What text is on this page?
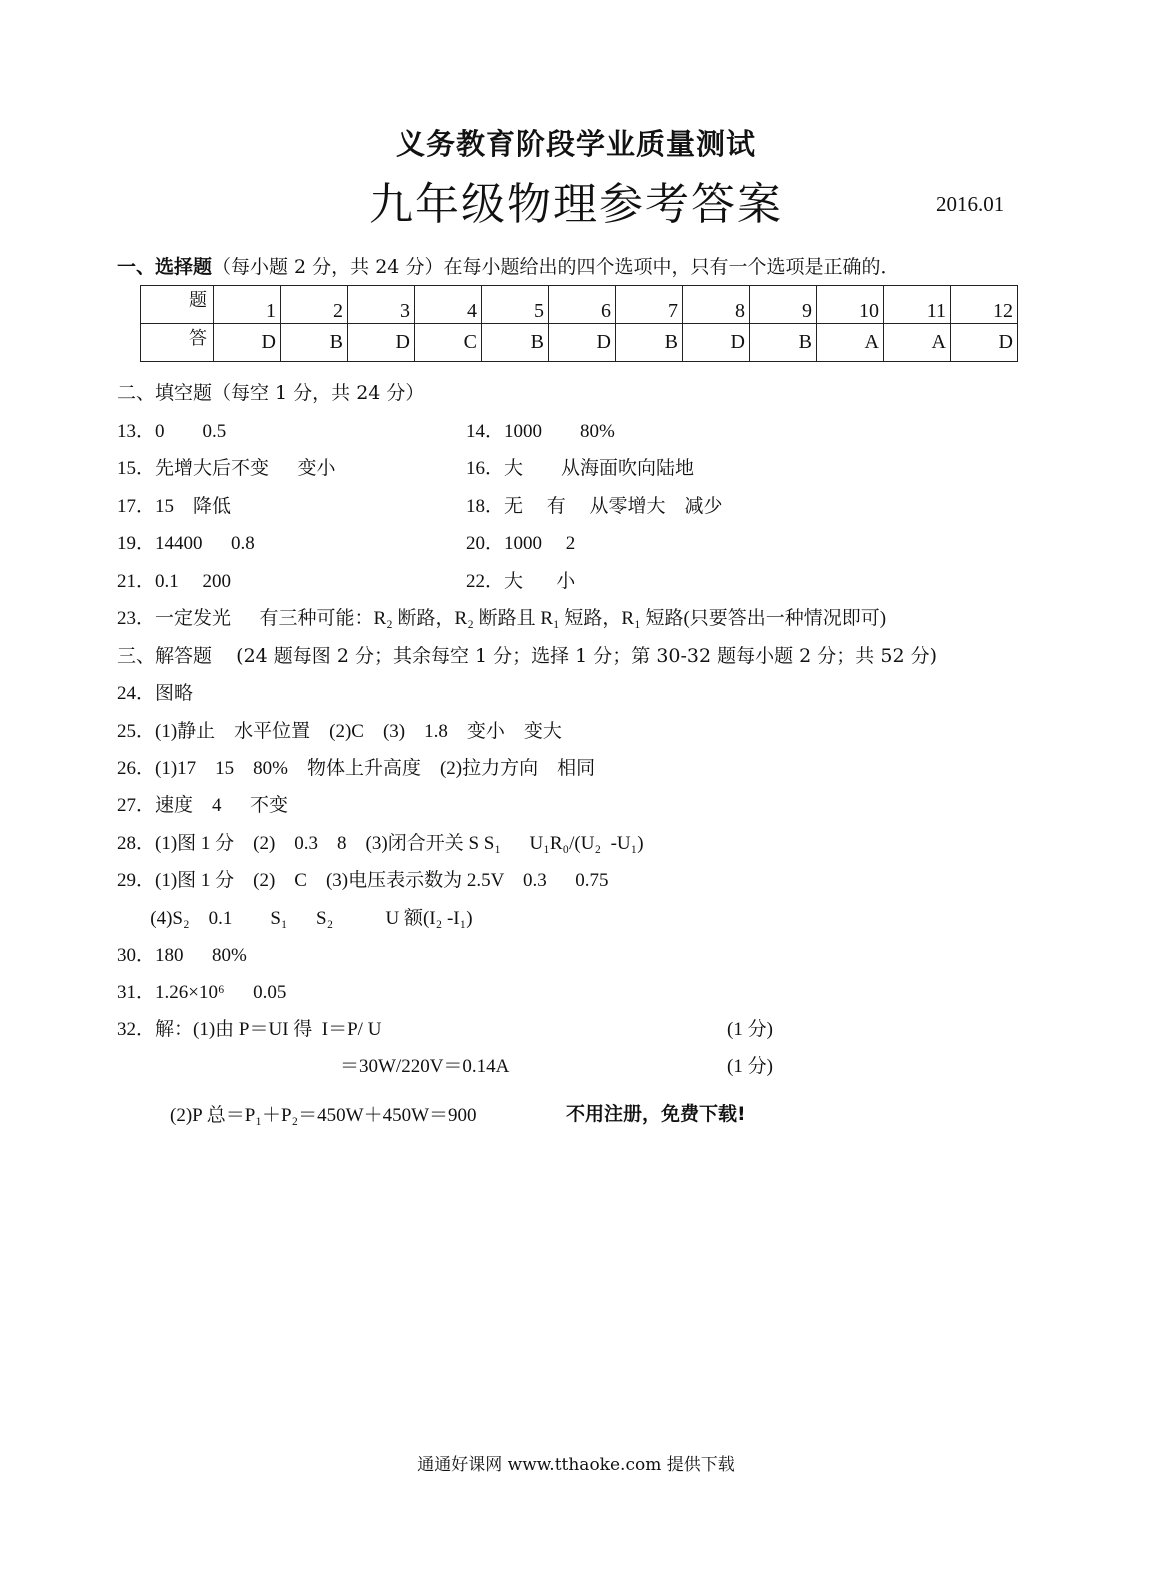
义务教育阶段学业质量测试
九年级物理参考答案	2016.01
一、选择题（每小题 2 分，共 24 分）在每小题给出的四个选项中，只有一个选项是正确的．
题	1	2	3	4	5	6	7	8	9	10	11	12
答	D	B	D	C	B	D	B	D	B	A	A	D
二、填空题（每空 1 分，共 24 分）
13．0        0.5	14．1000        80%
15．先增大后不变      变小	16．大        从海面吹向陆地
17．15    降低	18．无     有     从零增大    减少
19．14400      0.8	20．1000     2
21．0.1     200	22．大       小
23．一定发光      有三种可能：R₂ 断路，R₂ 断路且 R₁ 短路，R₁ 短路(只要答出一种情况即可)
三、解答题    (24 题每图 2 分；其余每空 1 分；选择 1 分；第 30-32 题每小题 2 分；共 52 分)
24．图略
25．(1)静止    水平位置    (2)C    (3)    1.8    变小    变大
26．(1)17    15    80%    物体上升高度    (2)拉力方向    相同
27．速度    4      不变
28．(1)图 1 分    (2)    0.3    8    (3)闭合开关 S S₁      U₁R₀/(U₂  -U₁)
29．(1)图 1 分    (2)    C    (3)电压表示数为 2.5V    0.3      0.75
(4)S₂    0.1        S₁      S₂           U 额(I₂ -I₁)
30．180      80%
31．1.26×10⁶      0.05
32．解：(1)由 P＝UI 得  I＝P/ U	(1 分)
＝30W/220V＝0.14A	(1 分)
(2)P 总＝P₁＋P₂＝450W＋450W＝900	不用注册，免费下载!
通通好课网 www.tthaoke.com 提供下载
